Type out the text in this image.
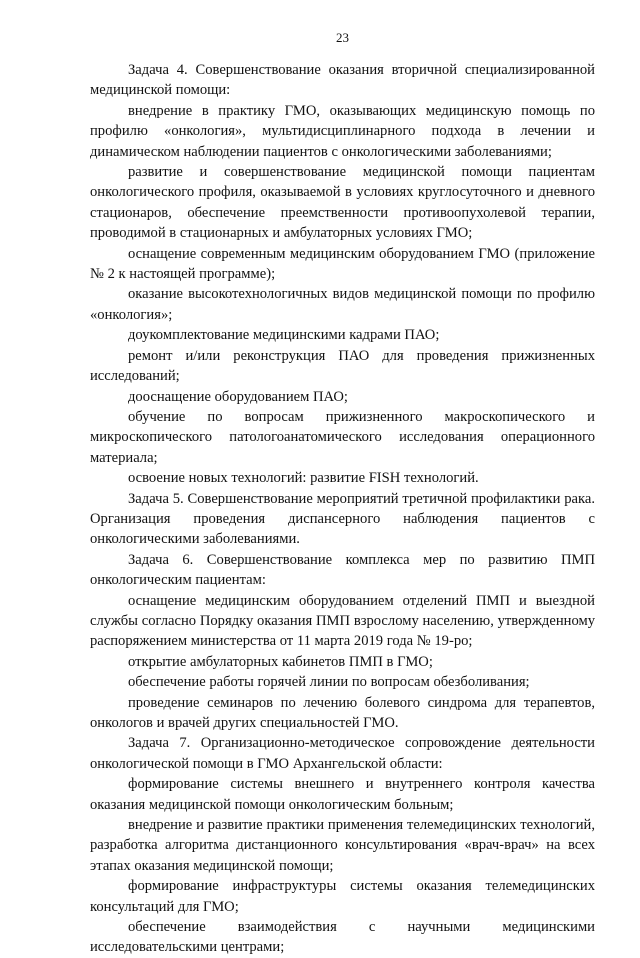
23

Задача 4. Совершенствование оказания вторичной специализированной медицинской помощи:

внедрение в практику ГМО, оказывающих медицинскую помощь по профилю «онкология», мультидисциплинарного подхода в лечении и динамическом наблюдении пациентов с онкологическими заболеваниями;

развитие и совершенствование медицинской помощи пациентам онкологического профиля, оказываемой в условиях круглосуточного и дневного стационаров, обеспечение преемственности противоопухолевой терапии, проводимой в стационарных и амбулаторных условиях ГМО;

оснащение современным медицинским оборудованием ГМО (приложение № 2 к настоящей программе);

оказание высокотехнологичных видов медицинской помощи по профилю «онкология»;

доукомплектование медицинскими кадрами ПАО;

ремонт и/или реконструкция ПАО для проведения прижизненных исследований;

дооснащение оборудованием ПАО;

обучение по вопросам прижизненного макроскопического и микроскопического патологоанатомического исследования операционного материала;

освоение новых технологий: развитие FISH технологий.

Задача 5. Совершенствование мероприятий третичной профилактики рака. Организация проведения диспансерного наблюдения пациентов с онкологическими заболеваниями.

Задача 6. Совершенствование комплекса мер по развитию ПМП онкологическим пациентам:

оснащение медицинским оборудованием отделений ПМП и выездной службы согласно Порядку оказания ПМП взрослому населению, утвержденному распоряжением министерства от 11 марта 2019 года № 19-ро;

открытие амбулаторных кабинетов ПМП в ГМО;

обеспечение работы горячей линии по вопросам обезболивания;

проведение семинаров по лечению болевого синдрома для терапевтов, онкологов и врачей других специальностей ГМО.

Задача 7. Организационно-методическое сопровождение деятельности онкологической помощи в ГМО Архангельской области:

формирование системы внешнего и внутреннего контроля качества оказания медицинской помощи онкологическим больным;

внедрение и развитие практики применения телемедицинских технологий, разработка алгоритма дистанционного консультирования «врач-врач» на всех этапах оказания медицинской помощи;

формирование инфраструктуры системы оказания телемедицинских консультаций для ГМО;

обеспечение взаимодействия с научными медицинскими исследовательскими центрами;
